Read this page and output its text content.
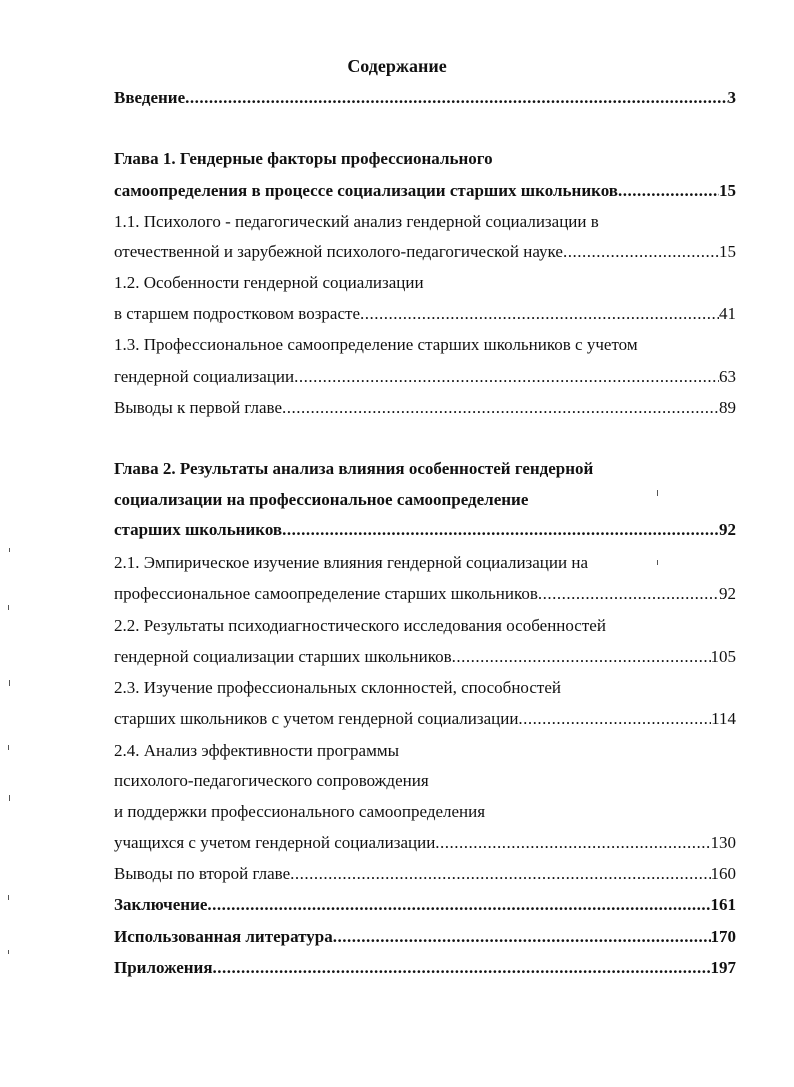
Содержание
Введение .....	3
Глава 1. Гендерные факторы профессионального
самоопределения в процессе социализации старших школьников .....	15
1.1. Психолого - педагогический анализ гендерной социализации в
отечественной и зарубежной психолого-педагогической науке .....	15
1.2. Особенности гендерной социализации
в старшем подростковом возрасте .....	41
1.3. Профессиональное самоопределение старших школьников с учетом
гендерной социализации .....	63
Выводы к первой главе .....	89
Глава 2. Результаты анализа влияния особенностей гендерной
социализации на профессиональное самоопределение
старших школьников .....	92
2.1. Эмпирическое изучение влияния гендерной социализации на
профессиональное самоопределение старших школьников .....	92
2.2. Результаты психодиагностического исследования особенностей
гендерной социализации старших школьников .....	105
2.3. Изучение профессиональных склонностей, способностей
старших школьников с учетом гендерной социализации .....	114
2.4. Анализ эффективности программы
психолого-педагогического сопровождения
и поддержки профессионального самоопределения
учащихся с учетом гендерной социализации .....	130
Выводы по второй главе .....	160
Заключение .....	161
Использованная литература .....	170
Приложения .....	197
